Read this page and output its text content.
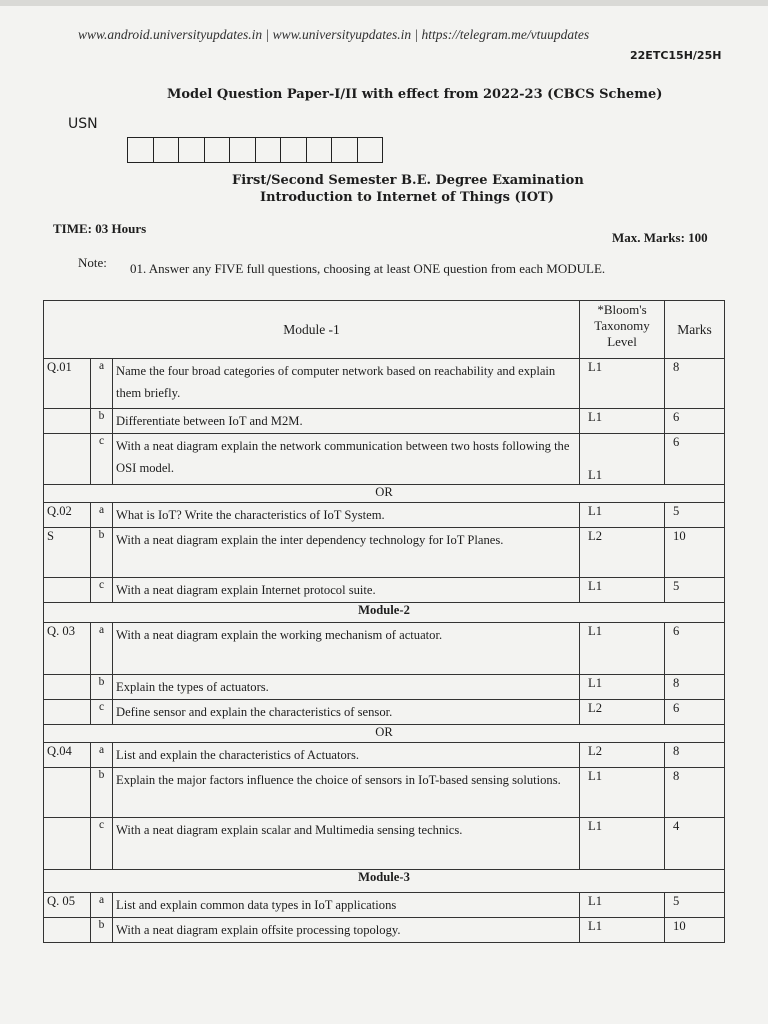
www.android.universityupdates.in | www.universityupdates.in | https://telegram.me/vtuupdates
22ETC15H/25H
Model Question Paper-I/II with effect from 2022-23 (CBCS Scheme)
USN
First/Second Semester B.E. Degree Examination
Introduction to Internet of Things (IOT)
TIME: 03 Hours
Max. Marks: 100
Note: 01. Answer any FIVE full questions, choosing at least ONE question from each MODULE.
Module -1			*Bloom's
Taxonomy
Level	Marks
Q.01	a	Name the four broad categories of computer network based on reachability and explain them briefly.	L1	8
	b	Differentiate between IoT and M2M.	L1	6
	c	With a neat diagram explain the network communication between two hosts following the OSI model.	L1	6
OR				
Q.02	a	What is IoT? Write the characteristics of IoT System.	L1	5
S	b	With a neat diagram explain the inter dependency technology for IoT Planes.	L2	10
	c	With a neat diagram explain Internet protocol suite.	L1	5
Module-2				
Q. 03	a	With a neat diagram explain the working mechanism of actuator.	L1	6
	b	Explain the types of actuators.	L1	8
	c	Define sensor and explain the characteristics of sensor.	L2	6
OR				
Q.04	a	List and explain the characteristics of Actuators.	L2	8
	b	Explain the major factors influence the choice of sensors in IoT-based sensing solutions.	L1	8
	c	With a neat diagram explain scalar and Multimedia sensing technics.	L1	4
Module-3				
Q. 05	a	List and explain common data types in IoT applications	L1	5
	b	With a neat diagram explain offsite processing topology.	L1	10
